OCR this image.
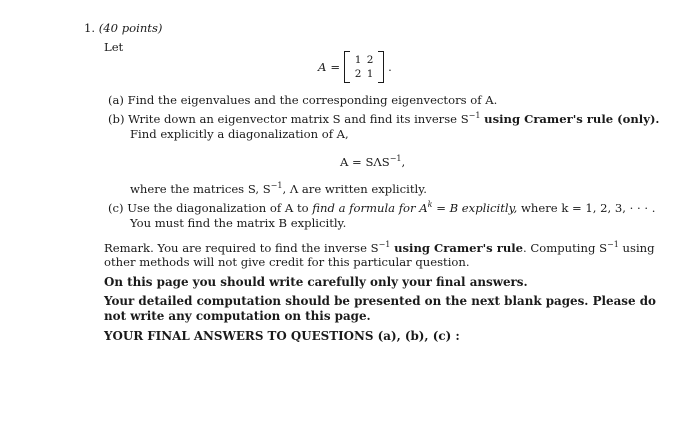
1. (40 points)
Let
A = 1 2
2 1
.
(a) Find the eigenvalues and the corresponding eigenvectors of A.
(b) Write down an eigenvector matrix S and find its inverse $S^{-1}$ using Cramer's rule (only).
Find explicitly a diagonalization of A,
$A = S\Lambda S^{-1}$,
where the matrices S, $S^{-1}$, Λ are written explicitly.
(c) Use the diagonalization of A to find a formula for $A^k = B$ explicitly, where k = 1, 2, 3, · · · .
You must find the matrix B explicitly.
Remark. You are required to find the inverse $S^{-1}$ using Cramer's rule. Computing $S^{-1}$ using
other methods will not give credit for this particular question.
On this page you should write carefully only your final answers.
Your detailed computation should be presented on the next blank pages. Please do
not write any computation on this page.
YOUR FINAL ANSWERS TO QUESTIONS (a), (b), (c) :
